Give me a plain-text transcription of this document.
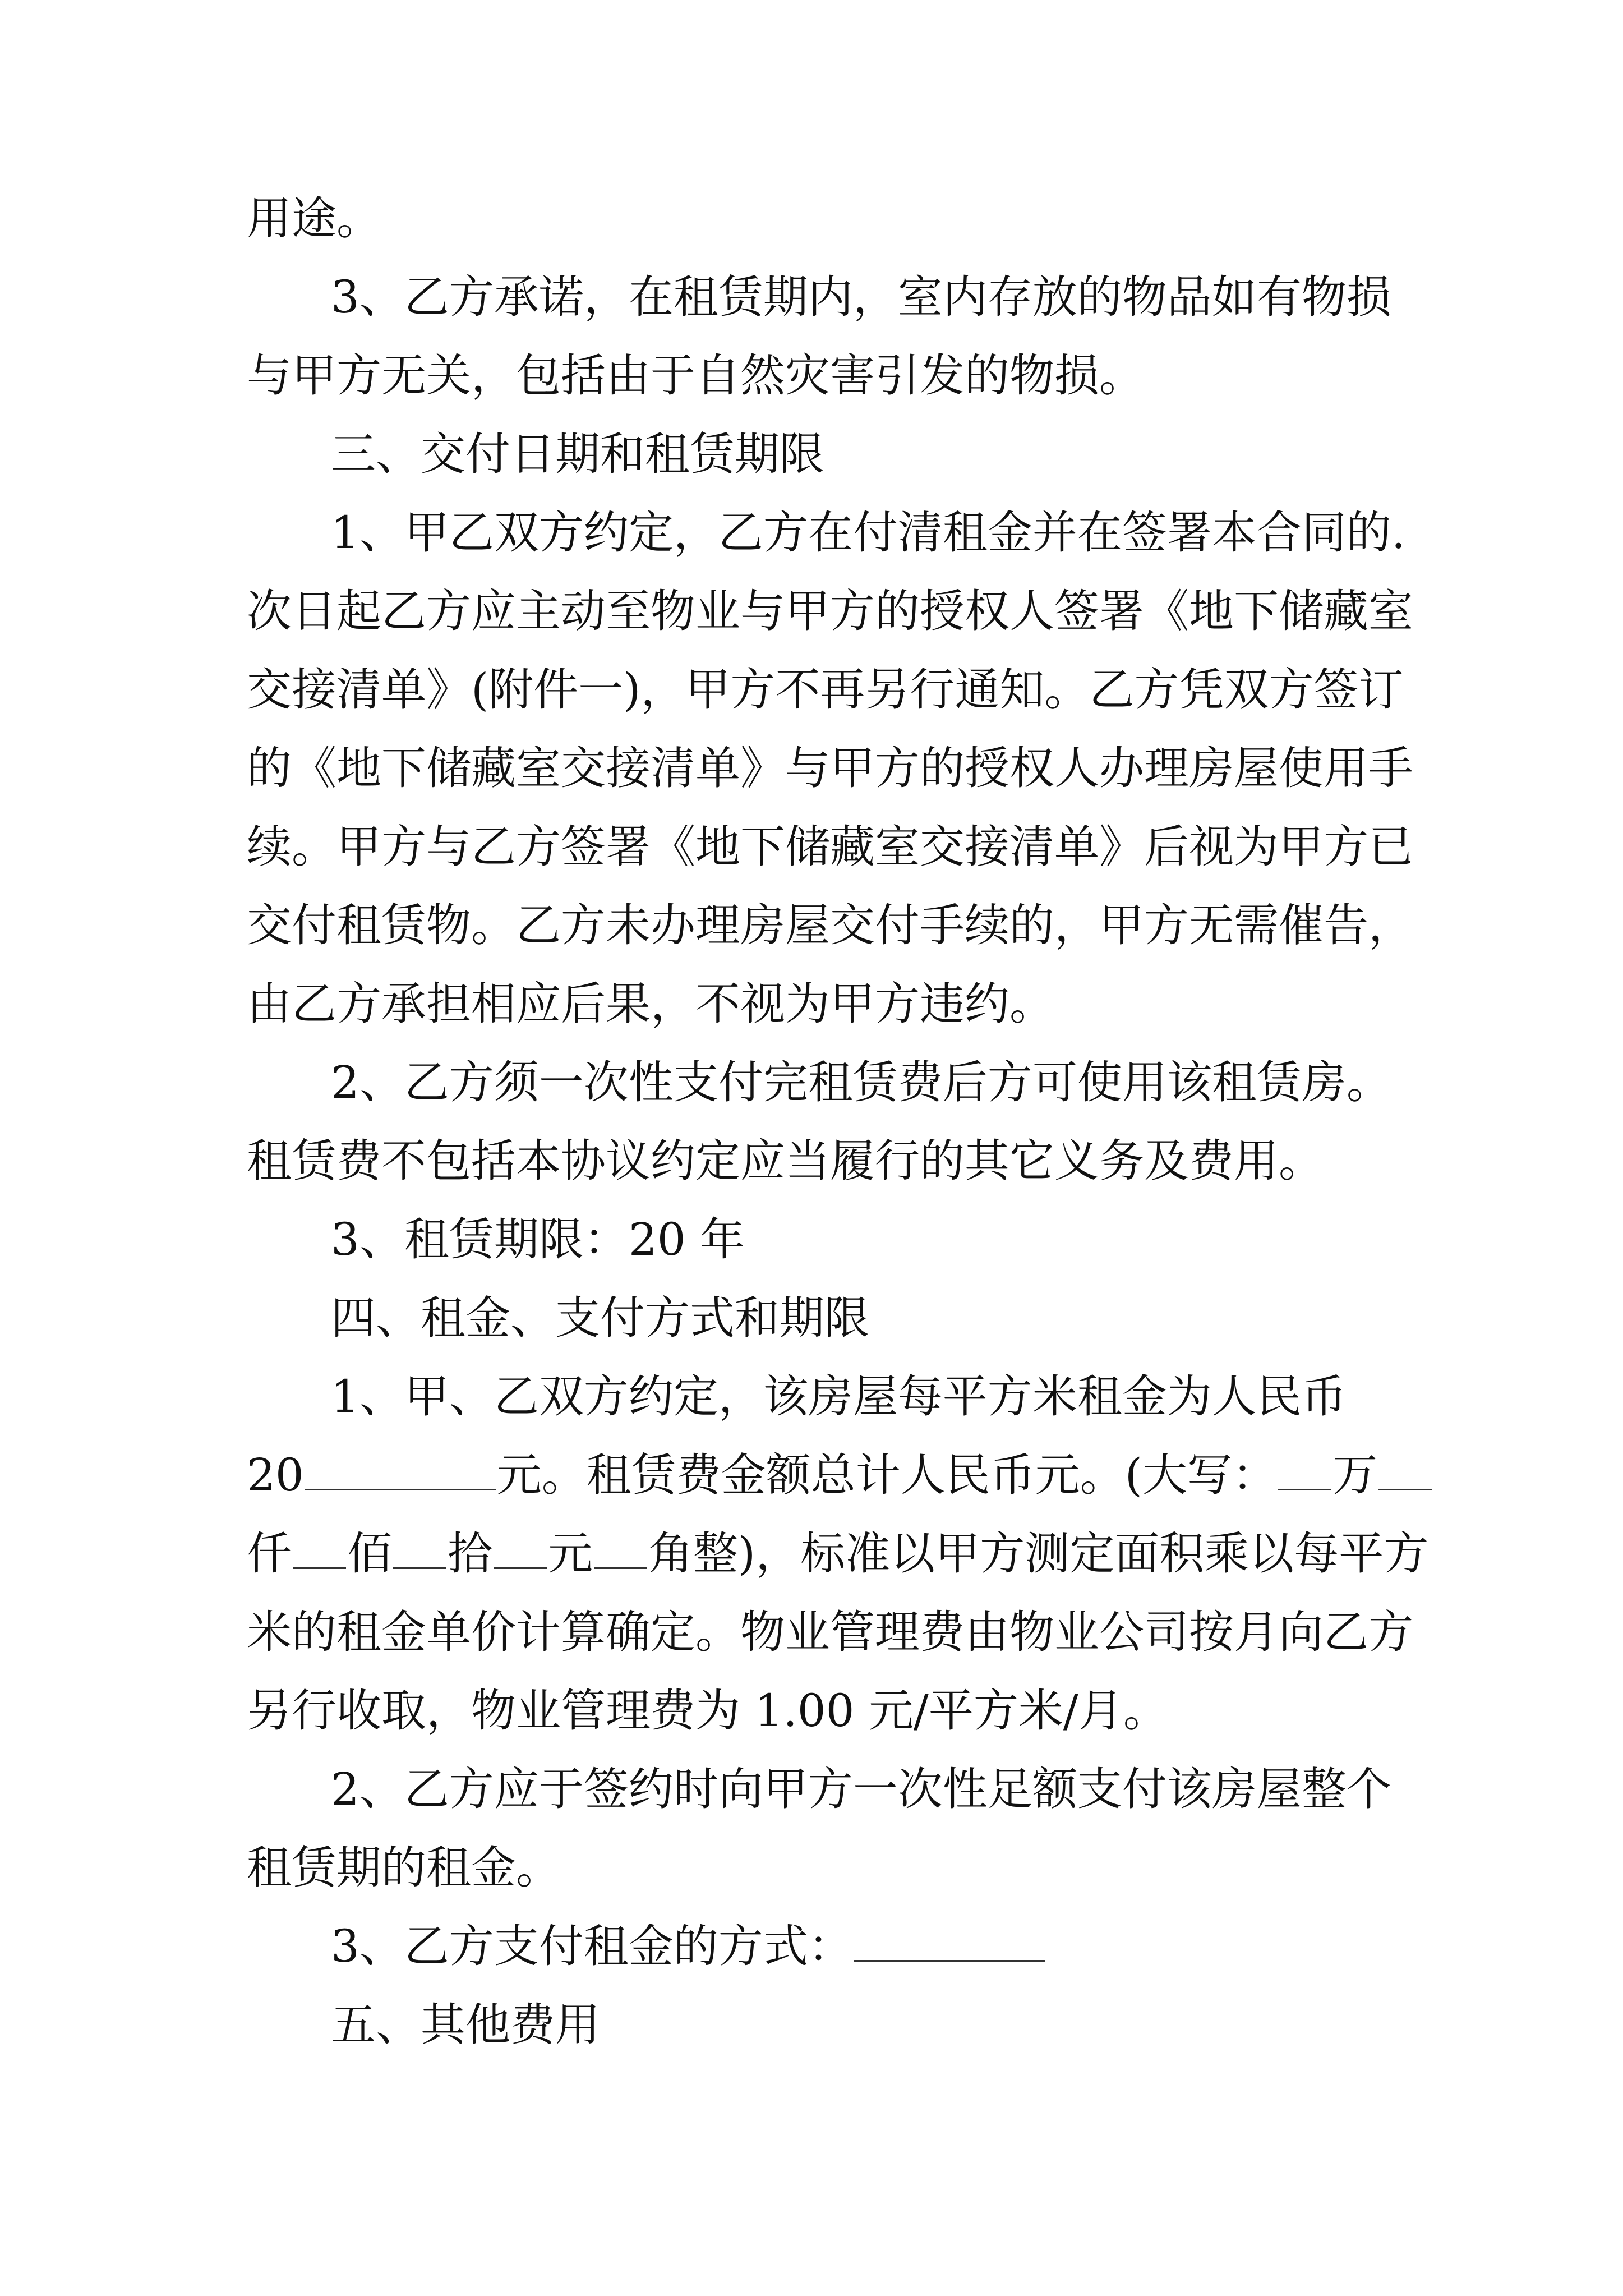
用途。
3、乙方承诺，在租赁期内，室内存放的物品如有物损
与甲方无关，包括由于自然灾害引发的物损。
三、交付日期和租赁期限
1、甲乙双方约定，乙方在付清租金并在签署本合同的.
次日起乙方应主动至物业与甲方的授权人签署《地下储藏室
交接清单》(附件一)，甲方不再另行通知。乙方凭双方签订
的《地下储藏室交接清单》与甲方的授权人办理房屋使用手
续。甲方与乙方签署《地下储藏室交接清单》后视为甲方已
交付租赁物。乙方未办理房屋交付手续的，甲方无需催告，
由乙方承担相应后果，不视为甲方违约。
2、乙方须一次性支付完租赁费后方可使用该租赁房。
租赁费不包括本协议约定应当履行的其它义务及费用。
3、租赁期限：20 年
四、租金、支付方式和期限
1、甲、乙双方约定，该房屋每平方米租金为人民币
20	元。租赁费金额总计人民币元。(大写： 万
仟 佰 拾 元 角整)，标准以甲方测定面积乘以每平方
米的租金单价计算确定。物业管理费由物业公司按月向乙方
另行收取，物业管理费为 1.00 元/平方米/月。
2、乙方应于签约时向甲方一次性足额支付该房屋整个
租赁期的租金。
3、乙方支付租金的方式：
五、其他费用
